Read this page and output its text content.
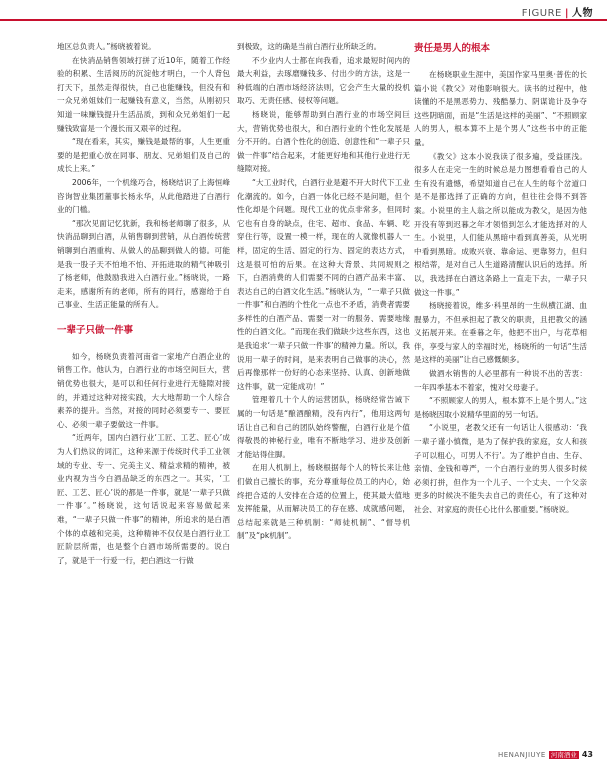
FIGURE | 人物

地区总负责人。”杨晓被着说。

在快消品销售领域打拼了近10年，随着工作经验的积累、生活阅历的沉淀他才明白，一个人背包打天下，虽然走得很快，自己也能赚钱，但没有和一众兄弟姐妹们一起赚钱有意义，当然，从刚初只知道一味赚钱提升生活品质，到和众兄弟姐们一起赚钱致富是一个漫长而又艰辛的过程。

“现在看来，其实，赚钱是最帮的事，人生更重要的是把重心放在同事、朋友、兄弟姐们及自己的成长上来。”

2006年，一个机缘巧合，杨晓结识了上海恒峰咨询智业集团董事长杨永华，从此他踏进了白酒行业的门槛。

“那次见面记忆犹新，我和杨老师聊了很多，从快消品聊到白酒，从销售聊到营销，从白酒传统营销聊到白酒重构、从做人的品聊到做人的德。可能是我一股子天不怕地不怕、开拓进取的精气神吸引了杨老师，他鼓励我进入白酒行业。”杨晓说，一路走来，感谢所有的老师，所有的同行，感谢给于自己事业、生活正能量的所有人。

一辈子只做一件事

如今，杨晓负责着河南省一家地产白酒企业的销售工作。他认为，白酒行业的市场空间巨大，营销优势也很大，是可以和任何行业进行无缝隙对接的，并通过这种对接实践，大大地帮助一个人综合素养的提升。当然，对接的同时必须要专一、要匠心、必须一辈子要做这一件事。

“近两年，国内白酒行业‘工匠、工艺、匠心’成为人们热议的词汇，这种来源于传统时代手工业领域的专业、专一、完美主义、精益求精的精神，被业内视为当今白酒品缺乏的东西之一。其实，‘工匠、工艺、匠心’说的都是一件事，就是‘一辈子只做一件事’。”杨晓说，这句话说起来容易做起来难，“一辈子只做一件事”的精神，所追求的是白酒个体的卓越和完美，这种精神不仅仅是白酒行业工匠阶层所需，也是整个白酒市场所需要的。说白了，就是干一行爱一行，把白酒这一行做

到极致，这的确是当前白酒行业所缺乏的。

不少业内人士都在向我看，追求最短时间内的最大利益，去琢磨赚钱多、付出少的方法，这是一种低端的白酒市场经济法则，它会产生大量的投机取巧、无责任感、侵权等问题。

杨晓说，能够帮助到白酒行业的市场空间巨大，营销优势也很大，和白酒行业的个性化发展是分不开的。白酒个性化的创造、创意性和“一辈子只做一件事”结合起来，才能更好地和其他行业进行无缝隙对接。

“大工业时代，白酒行业是避不开大时代下工业化潮流的。如今，白酒一体化已经不是问题，但个性化却是个问题。现代工业的优点非常多，但同时它也有自身的缺点，住宅、超市、食品、车辆、吃穿住行等，设置一模一样，现在的人就像机器人一样，固定的生活、固定的行为、固定的表达方式，这是很可怕的后果。在这种大背景、共同规则之下，白酒消费的人们需要不同的白酒产品来丰富、表达自己的白酒文化生活。”杨晓认为，“一辈子只做一件事”和白酒的个性化一点也不矛盾，消费者需要多样性的白酒产品、需要一对一的服务、需要地缘性的白酒文化。“而现在我们做缺少这些东西，这也是我追求‘一辈子只做一件事’的精神力量。所以，我说用一辈子的时间，是来表明自己做事的决心，然后再像那样一份好的心态来坚持、认真、创新地做这件事，就一定能成功！”

管理着几十个人的运营团队，杨晓经常告诫下属的一句话是“酿酒酿精，没有内行”，他用这两句话让自己和自己的团队始终警醒，白酒行业是个值得敬畏的神秘行业，唯有不断地学习、进步及创新才能站得住脚。

在用人机制上，杨晓根据每个人的特长来让他们做自己擅长的事，充分尊重每位员工的内心，始终把合适的人安排在合适的位置上，使其最大值地发挥能量，从而解决员工的存在感、成就感问题，总结起来就是三种机制：“师徒机制”、“督导机制”及“pk机制”。

责任是男人的根本

在杨晓职业生涯中，美国作家马里奥·普佐的长篇小说《教父》对他影响很大。读书的过程中，他读懂的不是黑恶势力、残酷暴力、阴谋诡计及争夺这些阴暗面，而是“生活是这样的美丽”、“不照顾家人的男人，根本算不上是个男人”这些书中的正能量。

《教父》这本小说我读了很多遍，受益匪浅。很多人在走完一生的时候总是力图想看看自己的人生有没有遗憾，希望知道自己在人生的每个岔道口是不是都选择了正确的方向，但往往会得不到答案。小说里的主人翁之所以能成为教父，是因为他开没有等到迟暮之年才领悟到怎么才能选择对的人生。小说里，人们能从黑暗中看到真善美，从光明中看到黑暗。成败兴衰、靠命运、更靠努力，但归根结蒂，是对自己人生道路清醒认识后的选择。所以，我选择在白酒这条路上一直走下去，一辈子只做这一件事。”

杨晓接着说，维多·科里昂的一生纵横江湖、血腥暴力，不但承担起了教父的职责，且把教父的涵义拓展开来。在垂暮之年，他把不出户，与花草相伴，享受与家人的幸福时光，杨晓所的一句话“生活是这样的美丽”让自己感慨颇多。

做酒水销售的人必里都有一种说不出的苦衷：一年四季基本不着家，愧对父母妻子。

“不照顾家人的男人，根本算不上是个男人。”这是杨晓因取小说精华里面的另一句话。

“小说里，老教父还有一句话让人很感动：‘我一辈子谨小慎微，是为了保护我的家庭，女人和孩子可以粗心，可男人不行’。为了维护自由、生存、亲情、金钱和尊严，一个白酒行业的男人很多时候必须打拼，但作为一个儿子、一个丈夫、一个父亲更多的时候决不能失去自己的责任心，有了这种对社会、对家庭的责任心比什么都重要。”杨晓说。

HENANJIUYE 河南酒业 43
